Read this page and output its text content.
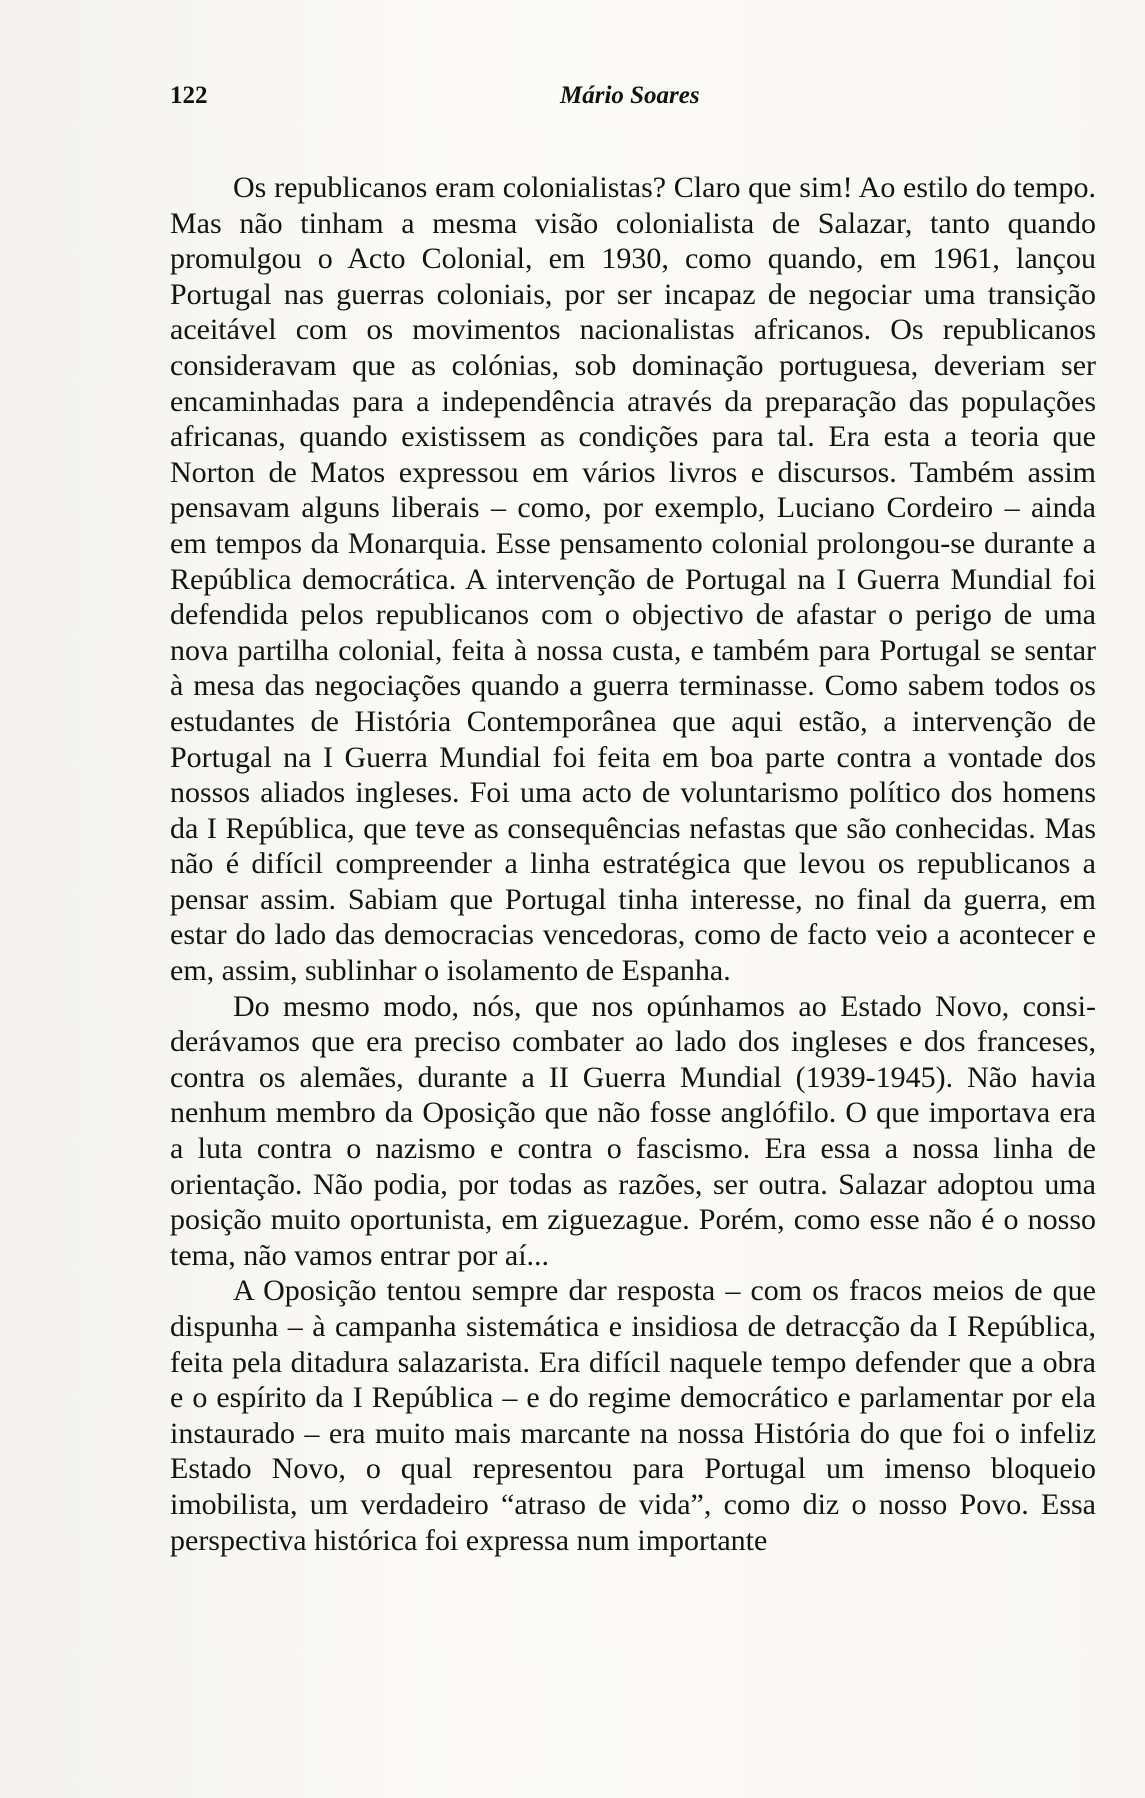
122	Mário Soares

Os republicanos eram colonialistas? Claro que sim! Ao estilo do tempo. Mas não tinham a mesma visão colonialista de Salazar, tanto quando promulgou o Acto Colonial, em 1930, como quando, em 1961, lançou Portugal nas guerras coloniais, por ser incapaz de negociar uma transição aceitável com os movimentos nacionalistas africanos. Os republicanos consideravam que as colónias, sob dominação portuguesa, deveriam ser encaminhadas para a independência através da preparação das populações africanas, quando existissem as condições para tal. Era esta a teoria que Norton de Matos expressou em vários livros e discursos. Também assim pensavam alguns liberais – como, por exemplo, Luciano Cordeiro – ainda em tempos da Monarquia. Esse pensamento colonial prolongou-se durante a República democrática. A intervenção de Portugal na I Guerra Mundial foi defendida pelos republicanos com o objectivo de afastar o perigo de uma nova partilha colonial, feita à nossa custa, e também para Portugal se sentar à mesa das negociações quando a guerra terminasse. Como sabem todos os estudantes de História Contemporânea que aqui estão, a intervenção de Portugal na I Guerra Mundial foi feita em boa parte contra a vontade dos nossos aliados ingleses. Foi uma acto de voluntarismo político dos homens da I República, que teve as consequências nefastas que são conhecidas. Mas não é difícil compreender a linha estratégica que levou os republicanos a pensar assim. Sabiam que Portugal tinha interesse, no final da guerra, em estar do lado das democracias vencedoras, como de facto veio a acontecer e em, assim, sublinhar o isolamento de Espanha.

Do mesmo modo, nós, que nos opúnhamos ao Estado Novo, considerávamos que era preciso combater ao lado dos ingleses e dos franceses, contra os alemães, durante a II Guerra Mundial (1939-1945). Não havia nenhum membro da Oposição que não fosse anglófilo. O que importava era a luta contra o nazismo e contra o fascismo. Era essa a nossa linha de orientação. Não podia, por todas as razões, ser outra. Salazar adoptou uma posição muito oportunista, em ziguezague. Porém, como esse não é o nosso tema, não vamos entrar por aí...

A Oposição tentou sempre dar resposta – com os fracos meios de que dispunha – à campanha sistemática e insidiosa de detracção da I República, feita pela ditadura salazarista. Era difícil naquele tempo defender que a obra e o espírito da I República – e do regime democrático e parlamentar por ela instaurado – era muito mais marcante na nossa História do que foi o infeliz Estado Novo, o qual representou para Portugal um imenso bloqueio imobilista, um verdadeiro “atraso de vida”, como diz o nosso Povo. Essa perspectiva histórica foi expressa num importante
